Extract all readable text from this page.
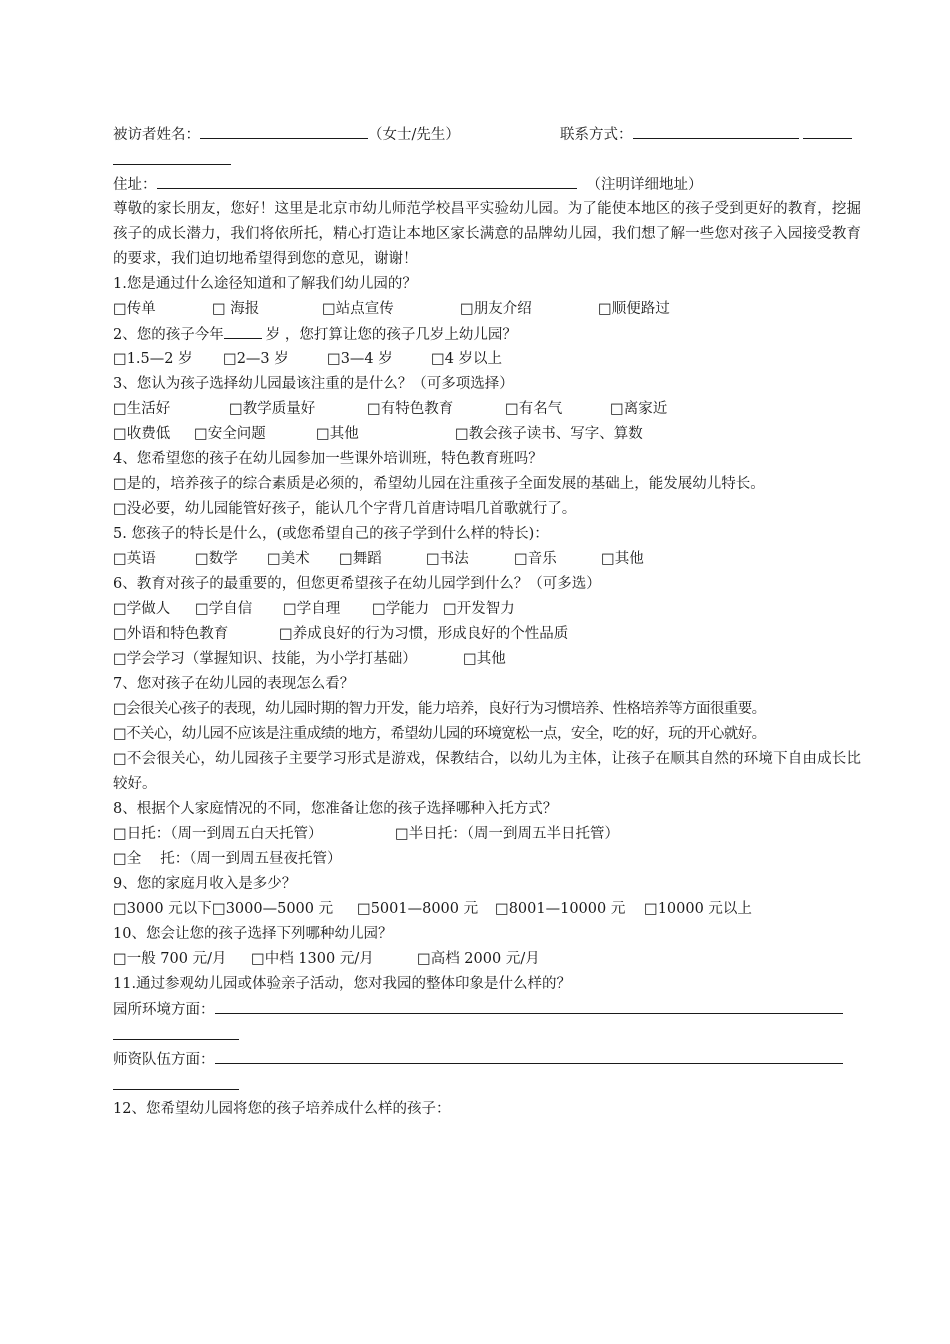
被访者姓名：	（女士/先生）	联系方式：
住址：	（注明详细地址）
尊敬的家长朋友，您好！这里是北京市幼儿师范学校昌平实验幼儿园。为了能使本地区的孩子受到更好的教育，挖掘孩子的成长潜力，我们将依所托，精心打造让本地区家长满意的品牌幼儿园，我们想了解一些您对孩子入园接受教育的要求，我们迫切地希望得到您的意见，谢谢！
1.您是通过什么途径知道和了解我们幼儿园的？
□传单	□ 海报	□站点宣传	□朋友介绍	□顺便路过
2、您的孩子今年	岁 ，您打算让您的孩子几岁上幼儿园？
□1.5—2 岁 □2—3 岁	□3—4 岁	□4 岁以上
3、您认为孩子选择幼儿园最该注重的是什么？（可多项选择）
□生活好	□教学质量好	□有特色教育	□有名气	□离家近
□收费低 □安全问题	□其他	□教会孩子读书、写字、算数
4、您希望您的孩子在幼儿园参加一些课外培训班，特色教育班吗？
□是的，培养孩子的综合素质是必须的，希望幼儿园在注重孩子全面发展的基础上，能发展幼儿特长。
□没必要，幼儿园能管好孩子，能认几个字背几首唐诗唱几首歌就行了。
5. 您孩子的特长是什么，(或您希望自己的孩子学到什么样的特长)：
□英语	□数学 □美术 □舞蹈	□书法	□音乐	□其他
6、教育对孩子的最重要的，但您更希望孩子在幼儿园学到什么？（可多选）
□学做人 □学自信 □学自理 □学能力 □开发智力
□外语和特色教育	□养成良好的行为习惯，形成良好的个性品质
□学会学习（掌握知识、技能，为小学打基础）	□其他
7、您对孩子在幼儿园的表现怎么看？
□会很关心孩子的表现，幼儿园时期的智力开发，能力培养，良好行为习惯培养、性格培养等方面很重要。
□不关心，幼儿园不应该是注重成绩的地方，希望幼儿园的环境宽松一点，安全，吃的好，玩的开心就好。
□不会很关心，幼儿园孩子主要学习形式是游戏，保教结合，以幼儿为主体，让孩子在顺其自然的环境下自由成长比较好。
8、根据个人家庭情况的不同，您准备让您的孩子选择哪种入托方式？
□日托：（周一到周五白天托管）	□半日托：（周一到周五半日托管）
□全　 托：（周一到周五昼夜托管）
9、您的家庭月收入是多少？
□3000 元以下 □3000—5000 元 □5001—8000 元 □8001—10000 元 □10000 元以上
10、您会让您的孩子选择下列哪种幼儿园？
□一般 700 元/月 □中档 1300 元/月	□高档 2000 元/月
11.通过参观幼儿园或体验亲子活动，您对我园的整体印象是什么样的？
园所环境方面：
师资队伍方面：
12、您希望幼儿园将您的孩子培养成什么样的孩子：
